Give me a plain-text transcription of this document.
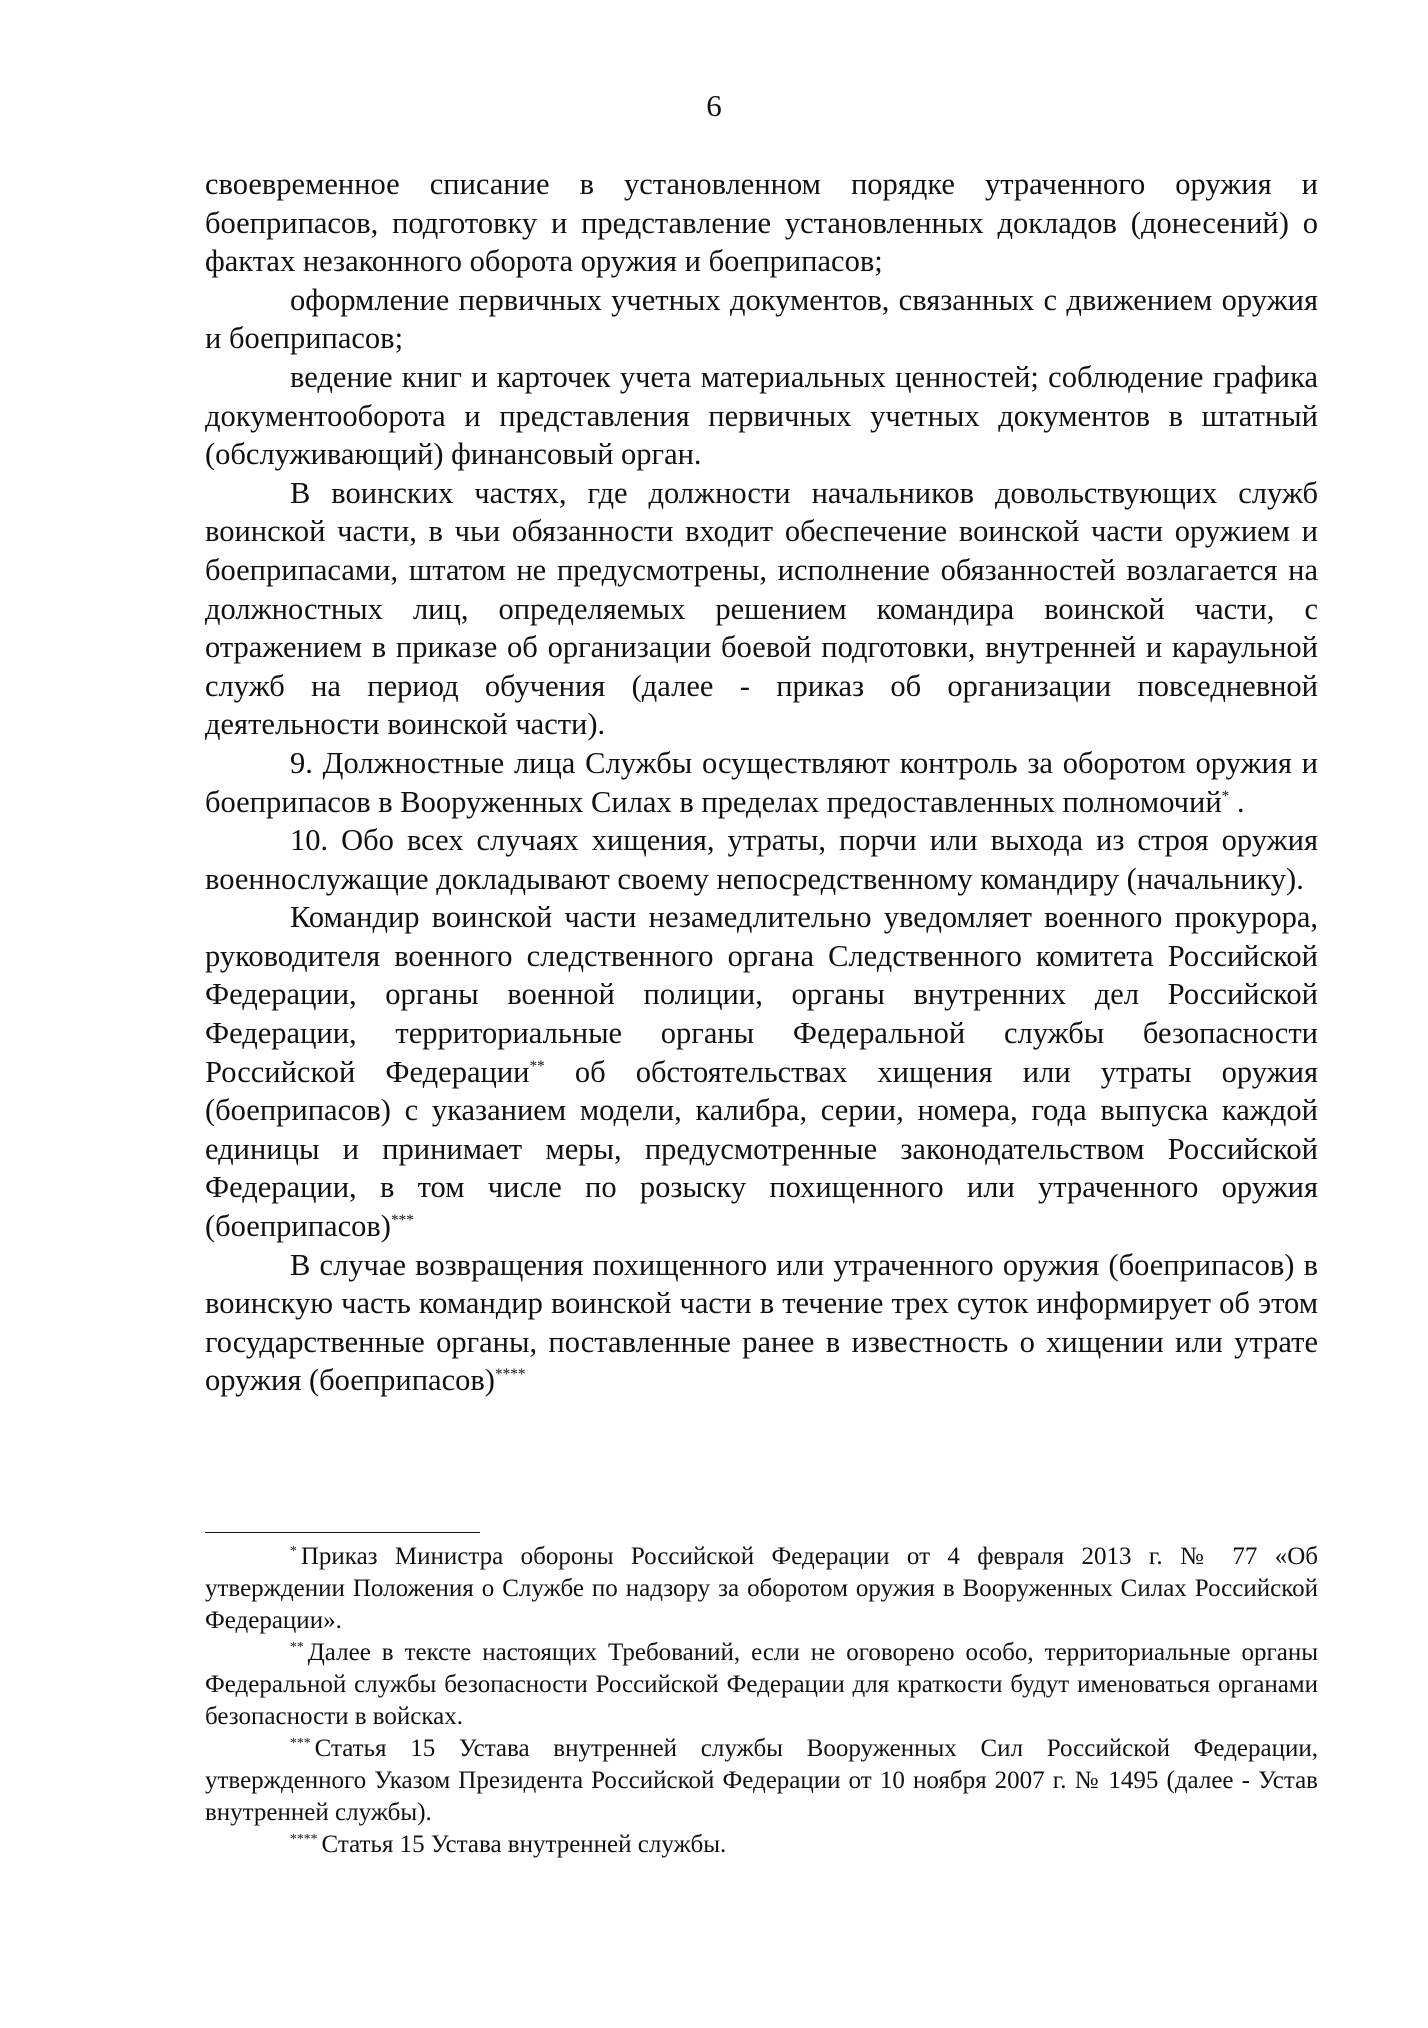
6

своевременное списание в установленном порядке утраченного оружия и боеприпасов, подготовку и представление установленных докладов (донесений) о фактах незаконного оборота оружия и боеприпасов;

оформление первичных учетных документов, связанных с движением оружия и боеприпасов;

ведение книг и карточек учета материальных ценностей; соблюдение графика документооборота и представления первичных учетных документов в штатный (обслуживающий) финансовый орган.

В воинских частях, где должности начальников довольствующих служб воинской части, в чьи обязанности входит обеспечение воинской части оружием и боеприпасами, штатом не предусмотрены, исполнение обязанностей возлагается на должностных лиц, определяемых решением командира воинской части, с отражением в приказе об организации боевой подготовки, внутренней и караульной служб на период обучения (далее - приказ об организации повседневной деятельности воинской части).

9. Должностные лица Службы осуществляют контроль за оборотом оружия и боеприпасов в Вооруженных Силах в пределах предоставленных полномочий* .

10. Обо всех случаях хищения, утраты, порчи или выхода из строя оружия военнослужащие докладывают своему непосредственному командиру (начальнику).

Командир воинской части незамедлительно уведомляет военного прокурора, руководителя военного следственного органа Следственного комитета Российской Федерации, органы военной полиции, органы внутренних дел Российской Федерации, территориальные органы Федеральной службы безопасности Российской Федерации** об обстоятельствах хищения или утраты оружия (боеприпасов) с указанием модели, калибра, серии, номера, года выпуска каждой единицы и принимает меры, предусмотренные законодательством Российской Федерации, в том числе по розыску похищенного или утраченного оружия (боеприпасов)***

В случае возвращения похищенного или утраченного оружия (боеприпасов) в воинскую часть командир воинской части в течение трех суток информирует об этом государственные органы, поставленные ранее в известность о хищении или утрате оружия (боеприпасов)****

* Приказ Министра обороны Российской Федерации от 4 февраля 2013 г. № 77 «Об утверждении Положения о Службе по надзору за оборотом оружия в Вооруженных Силах Российской Федерации».

** Далее в тексте настоящих Требований, если не оговорено особо, территориальные органы Федеральной службы безопасности Российской Федерации для краткости будут именоваться органами безопасности в войсках.

*** Статья 15 Устава внутренней службы Вооруженных Сил Российской Федерации, утвержденного Указом Президента Российской Федерации от 10 ноября 2007 г. № 1495 (далее - Устав внутренней службы).

**** Статья 15 Устава внутренней службы.
